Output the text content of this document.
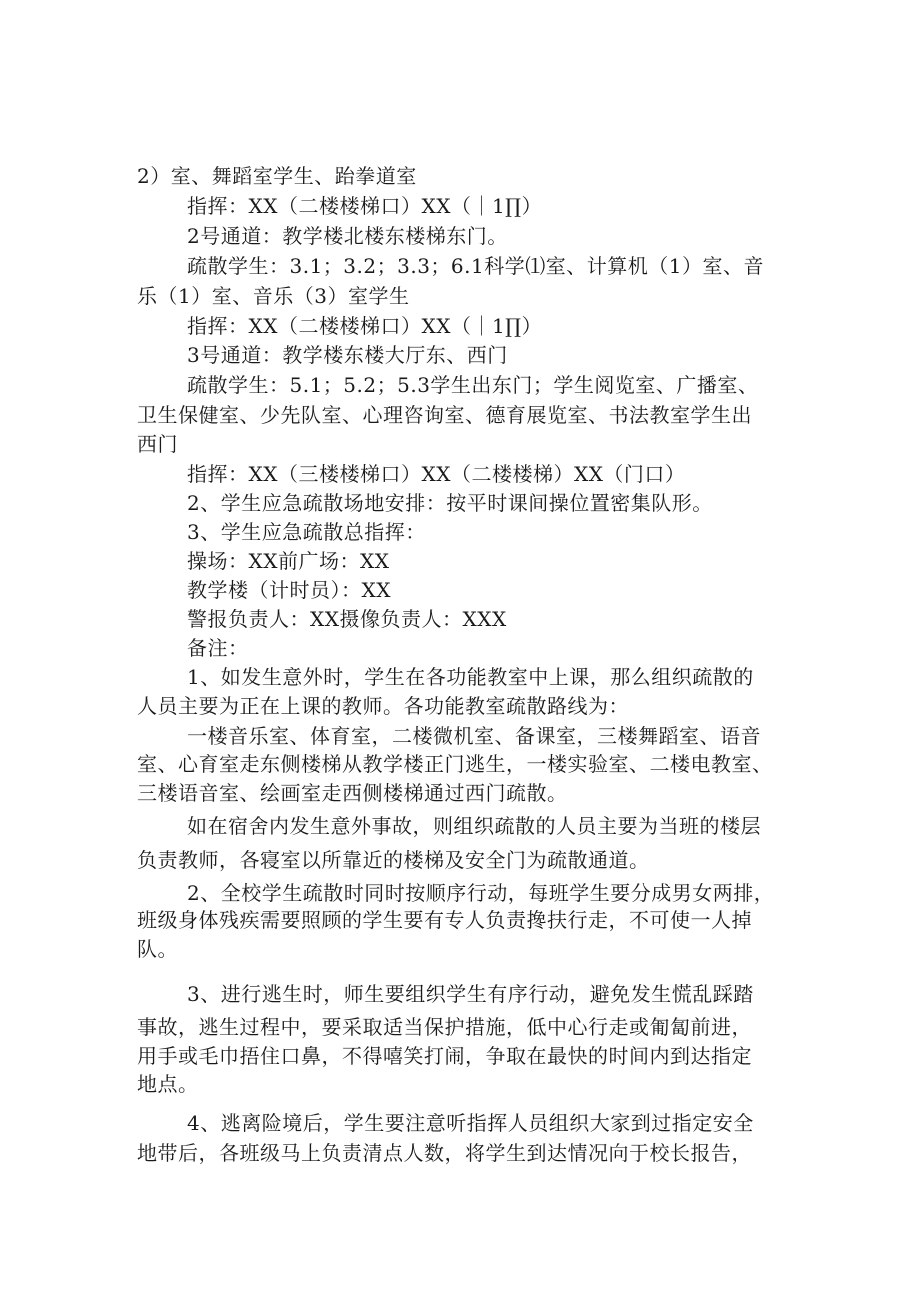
2）室、舞蹈室学生、跆拳道室
指挥：XX（二楼楼梯口）XX（｜1∏）
2号通道：教学楼北楼东楼梯东门。
疏散学生：3.1；3.2；3.3；6.1科学⑴室、计算机（1）室、音
乐（1）室、音乐（3）室学生
指挥：XX（二楼楼梯口）XX（｜1∏）
3号通道：教学楼东楼大厅东、西门
疏散学生：5.1；5.2；5.3学生出东门；学生阅览室、广播室、
卫生保健室、少先队室、心理咨询室、德育展览室、书法教室学生出
西门
指挥：XX（三楼楼梯口）XX（二楼楼梯）XX（门口）
2、学生应急疏散场地安排：按平时课间操位置密集队形。
3、学生应急疏散总指挥：
操场：XX前广场：XX
教学楼（计时员）：XX
警报负责人：XX摄像负责人：XXX
备注：
1、如发生意外时，学生在各功能教室中上课，那么组织疏散的
人员主要为正在上课的教师。各功能教室疏散路线为：
一楼音乐室、体育室，二楼微机室、备课室，三楼舞蹈室、语音
室、心育室走东侧楼梯从教学楼正门逃生，一楼实验室、二楼电教室、
三楼语音室、绘画室走西侧楼梯通过西门疏散。
如在宿舍内发生意外事故，则组织疏散的人员主要为当班的楼层
负责教师，各寝室以所靠近的楼梯及安全门为疏散通道。
2、全校学生疏散时同时按顺序行动，每班学生要分成男女两排，
班级身体残疾需要照顾的学生要有专人负责搀扶行走，不可使一人掉
队。
3、进行逃生时，师生要组织学生有序行动，避免发生慌乱踩踏
事故，逃生过程中，要采取适当保护措施，低中心行走或匍匐前进，
用手或毛巾捂住口鼻，不得嘻笑打闹，争取在最快的时间内到达指定
地点。
4、逃离险境后，学生要注意听指挥人员组织大家到过指定安全
地带后，各班级马上负责清点人数，将学生到达情况向于校长报告，
